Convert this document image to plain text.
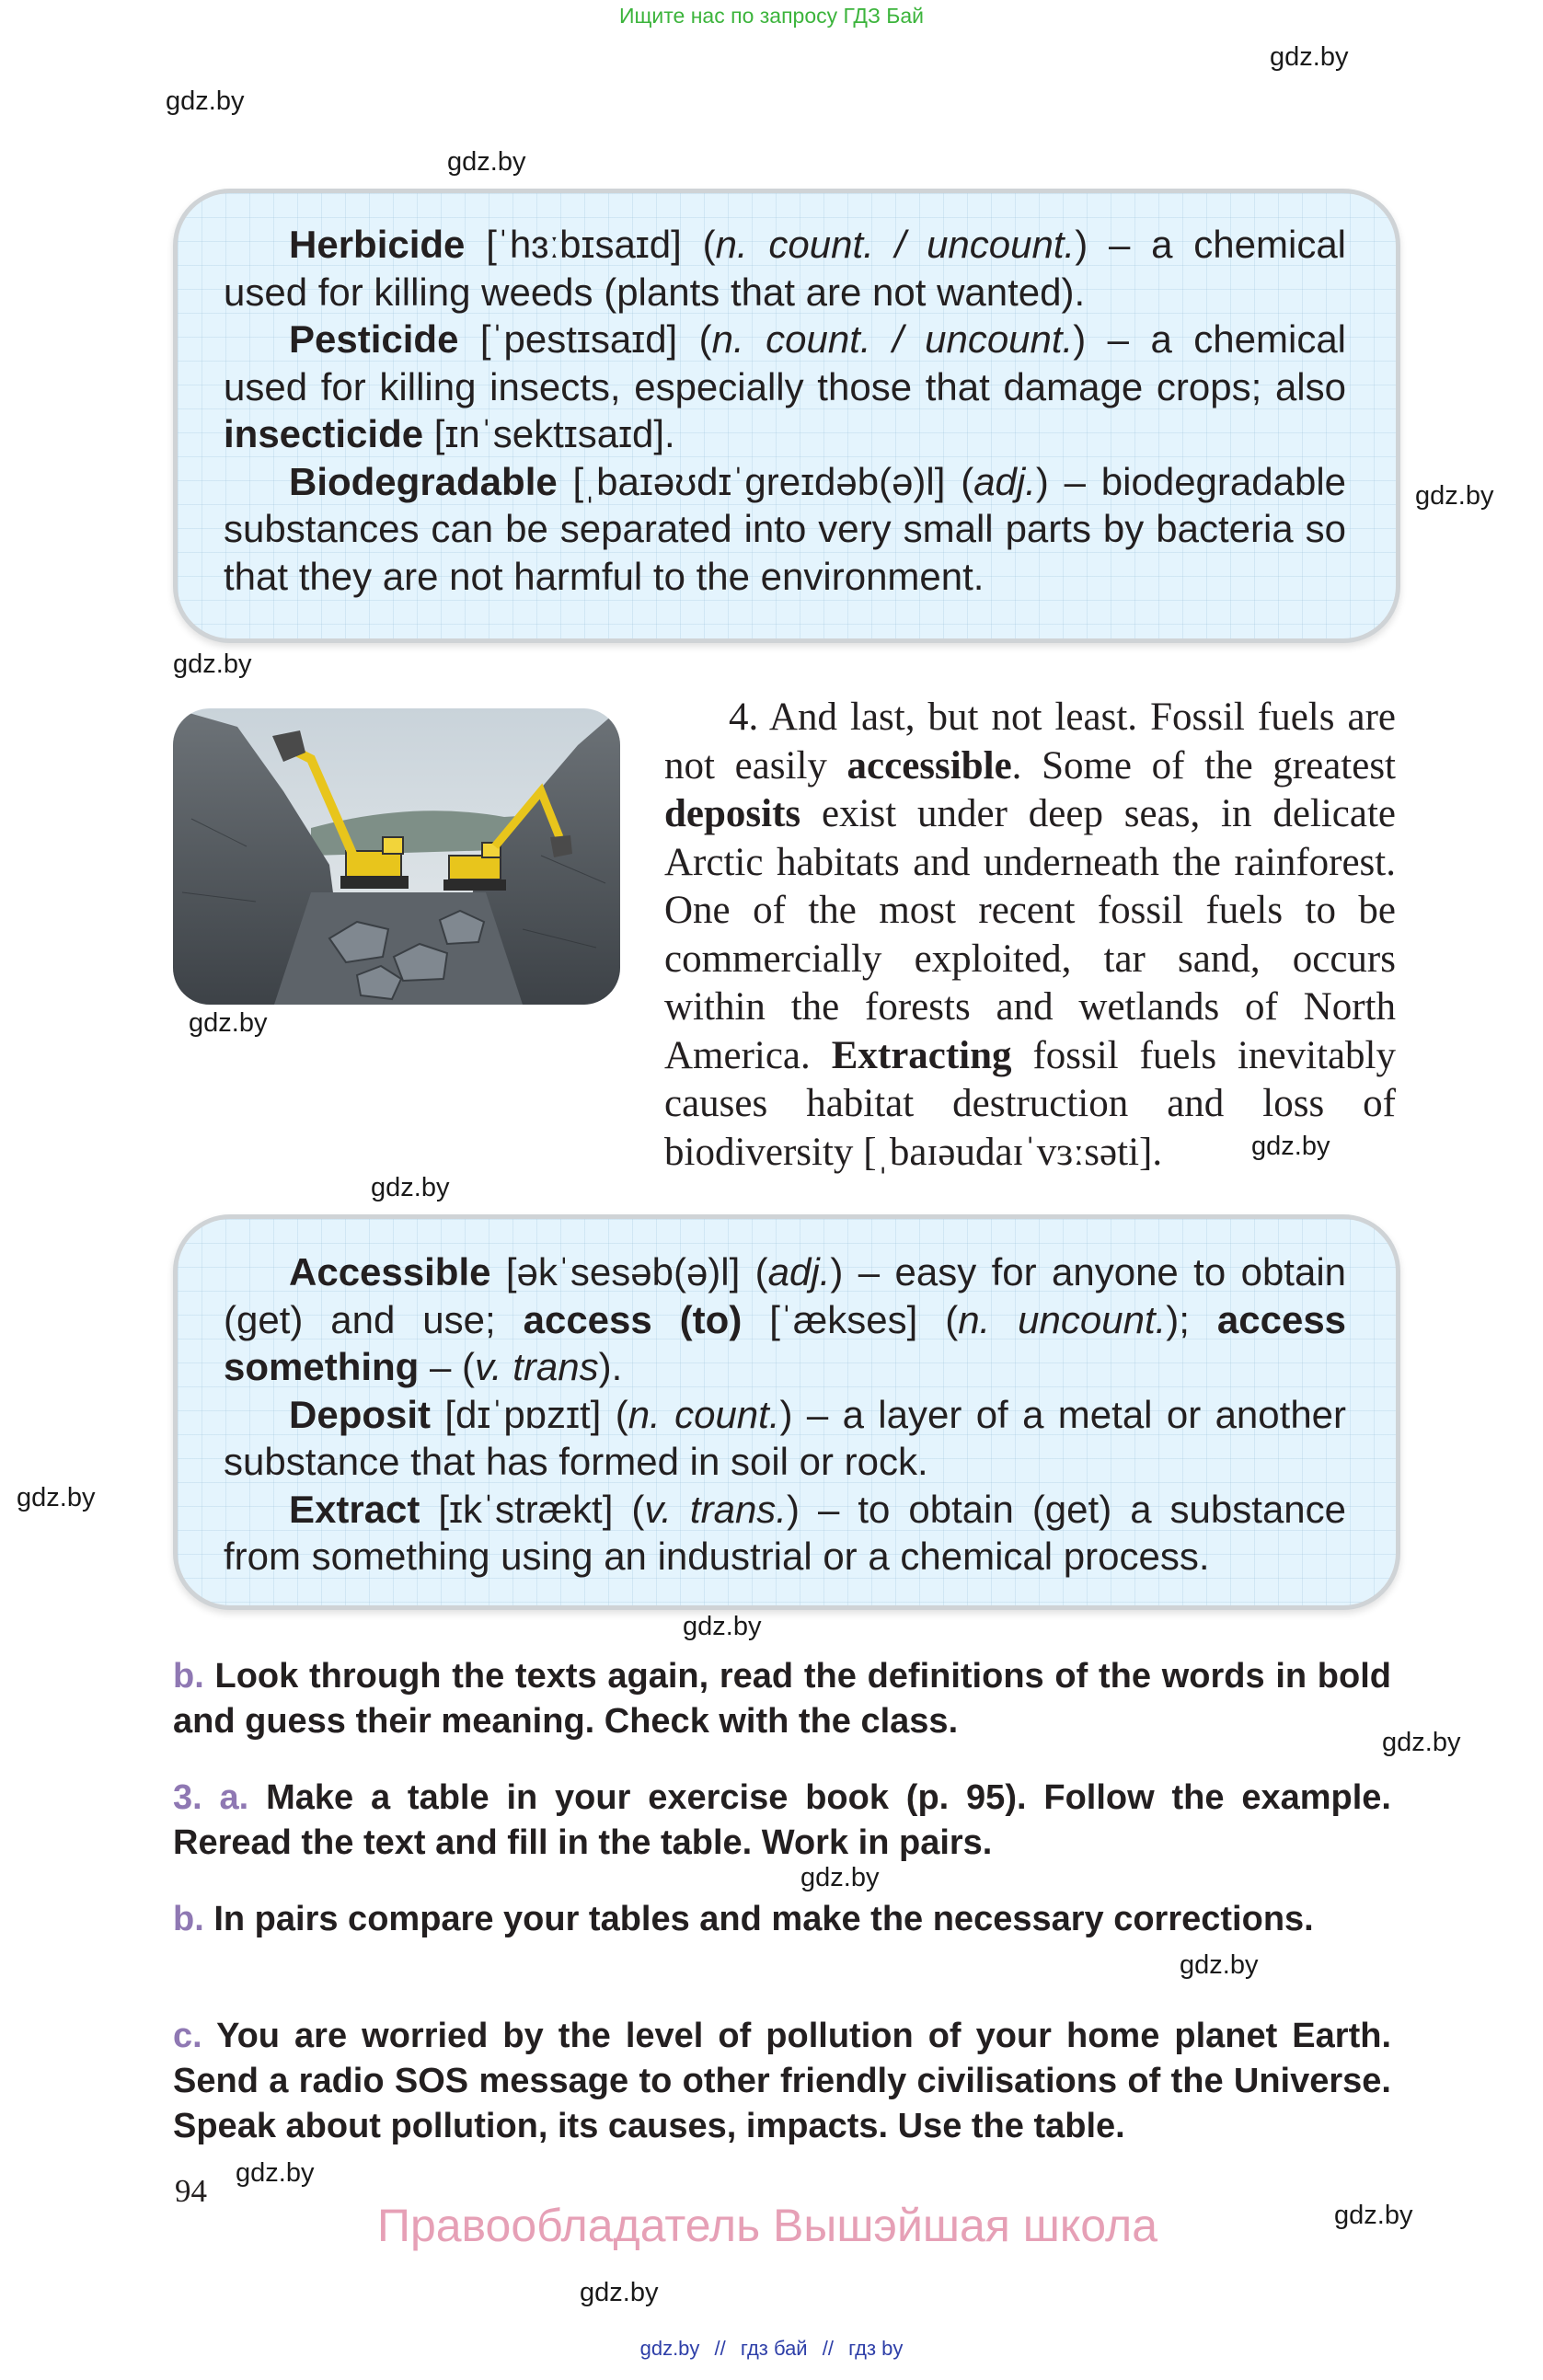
Ищите нас по запросу ГДЗ Бай
gdz.by
gdz.by
gdz.by
gdz.by
gdz.by
gdz.by
gdz.by
gdz.by
gdz.by
gdz.by
gdz.by
gdz.by
gdz.by
gdz.by
gdz.by
gdz.by

Herbicide [ˈhɜːbɪsaɪd] (n. count. / uncount.) – a chemical used for killing weeds (plants that are not wanted).

Pesticide [ˈpestɪsaɪd] (n. count. / uncount.) – a chemical used for killing insects, especially those that damage crops; also insecticide [ɪnˈsektɪsaɪd].

Biodegradable [ˌbaɪəʊdɪˈgreɪdəb(ə)l] (adj.) – biodegradable substances can be separated into very small parts by bacteria so that they are not harmful to the environment.

4. And last, but not least. Fossil fuels are not easily accessible. Some of the greatest deposits exist under deep seas, in delicate Arctic habitats and underneath the rainforest. One of the most recent fossil fuels to be commercially exploited, tar sand, occurs within the forests and wetlands of North America. Extracting fossil fuels inevitably causes habitat destruction and loss of biodiversity [ˌbaɪəudaɪˈvɜːsəti].

Accessible [əkˈsesəb(ə)l] (adj.) – easy for anyone to obtain (get) and use; access (to) [ˈækses] (n. uncount.); access something – (v. trans).

Deposit [dɪˈpɒzɪt] (n. count.) – a layer of a metal or another substance that has formed in soil or rock.

Extract [ɪkˈstrækt] (v. trans.) – to obtain (get) a substance from something using an industrial or a chemical process.

b. Look through the texts again, read the definitions of the words in bold and guess their meaning. Check with the class.

3. a. Make a table in your exercise book (p. 95). Follow the example. Reread the text and fill in the table. Work in pairs.

b. In pairs compare your tables and make the necessary corrections.

c. You are worried by the level of pollution of your home planet Earth. Send a radio SOS message to other friendly civilisations of the Universe. Speak about pollution, its causes, impacts. Use the table.

94
Правообладатель Вышэйшая школа
gdz.by // гдз бай // гдз by
